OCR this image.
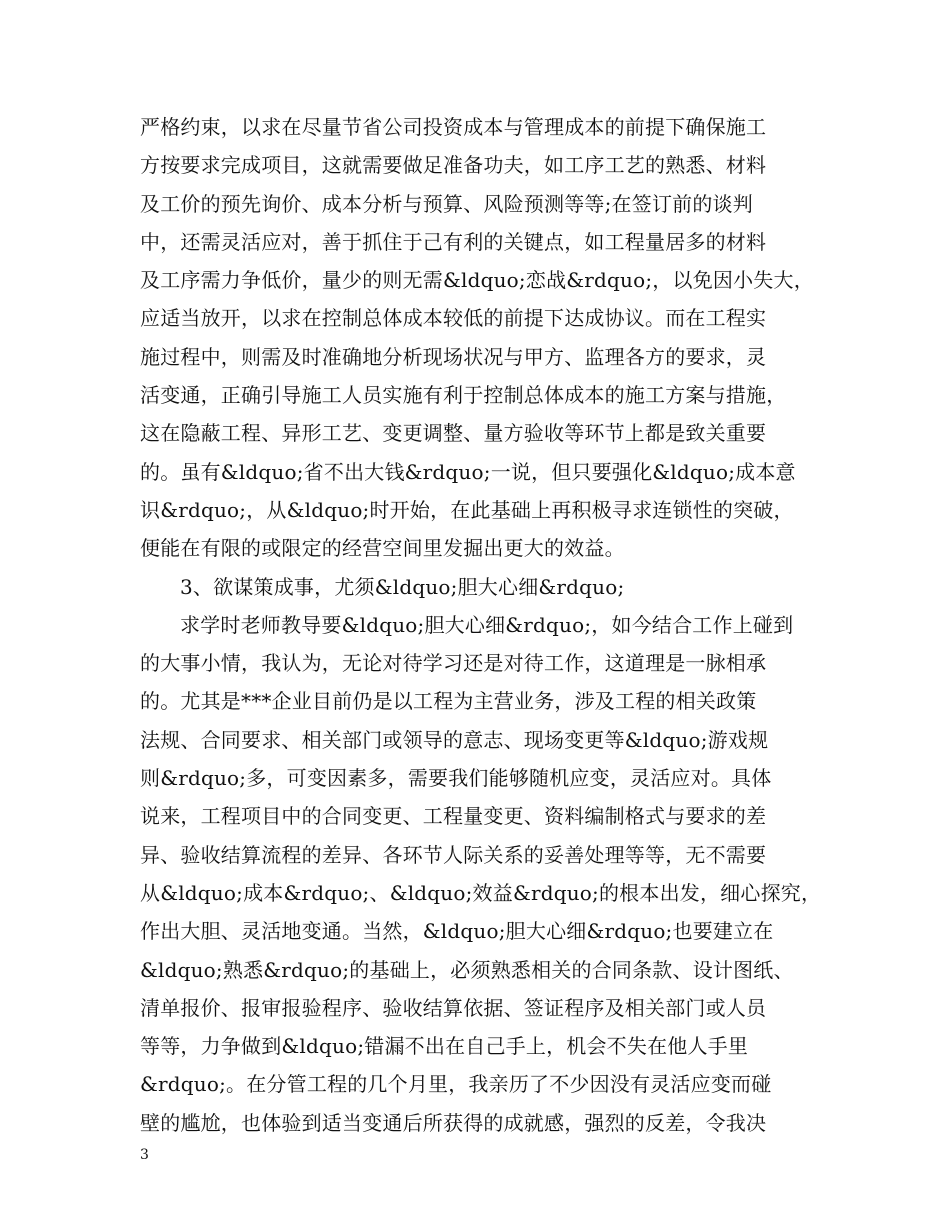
严格约束，以求在尽量节省公司投资成本与管理成本的前提下确保施工
方按要求完成项目，这就需要做足准备功夫，如工序工艺的熟悉、材料
及工价的预先询价、成本分析与预算、风险预测等等;在签订前的谈判
中，还需灵活应对，善于抓住于己有利的关键点，如工程量居多的材料
及工序需力争低价，量少的则无需&ldquo;恋战&rdquo;，以免因小失大，
应适当放开，以求在控制总体成本较低的前提下达成协议。而在工程实
施过程中，则需及时准确地分析现场状况与甲方、监理各方的要求，灵
活变通，正确引导施工人员实施有利于控制总体成本的施工方案与措施，
这在隐蔽工程、异形工艺、变更调整、量方验收等环节上都是致关重要
的。虽有&ldquo;省不出大钱&rdquo;一说，但只要强化&ldquo;成本意
识&rdquo;，从&ldquo;时开始，在此基础上再积极寻求连锁性的突破，
便能在有限的或限定的经营空间里发掘出更大的效益。
3、欲谋策成事，尤须&ldquo;胆大心细&rdquo;
求学时老师教导要&ldquo;胆大心细&rdquo;，如今结合工作上碰到
的大事小情，我认为，无论对待学习还是对待工作，这道理是一脉相承
的。尤其是***企业目前仍是以工程为主营业务，涉及工程的相关政策
法规、合同要求、相关部门或领导的意志、现场变更等&ldquo;游戏规
则&rdquo;多，可变因素多，需要我们能够随机应变，灵活应对。具体
说来，工程项目中的合同变更、工程量变更、资料编制格式与要求的差
异、验收结算流程的差异、各环节人际关系的妥善处理等等，无不需要
从&ldquo;成本&rdquo;、&ldquo;效益&rdquo;的根本出发，细心探究，
作出大胆、灵活地变通。当然，&ldquo;胆大心细&rdquo;也要建立在
&ldquo;熟悉&rdquo;的基础上，必须熟悉相关的合同条款、设计图纸、
清单报价、报审报验程序、验收结算依据、签证程序及相关部门或人员
等等，力争做到&ldquo;错漏不出在自己手上，机会不失在他人手里
&rdquo;。在分管工程的几个月里，我亲历了不少因没有灵活应变而碰
壁的尴尬，也体验到适当变通后所获得的成就感，强烈的反差，令我决
3
